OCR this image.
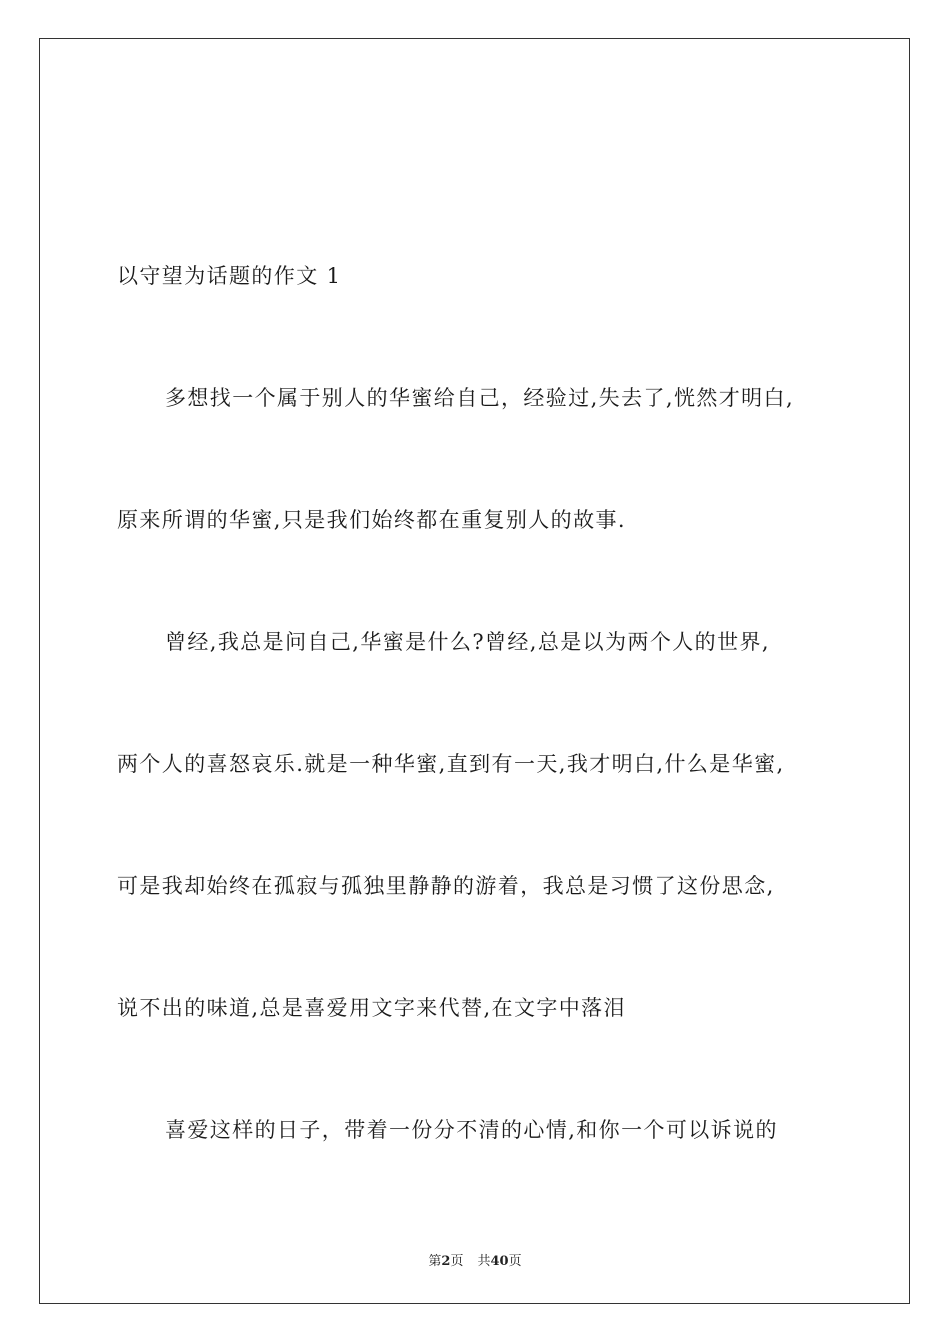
以守望为话题的作文 1
多想找一个属于别人的华蜜给自己，经验过,失去了,恍然才明白,
原来所谓的华蜜,只是我们始终都在重复别人的故事.
曾经,我总是问自己,华蜜是什么?曾经,总是以为两个人的世界,
两个人的喜怒哀乐.就是一种华蜜,直到有一天,我才明白,什么是华蜜,
可是我却始终在孤寂与孤独里静静的游着，我总是习惯了这份思念,
说不出的味道,总是喜爱用文字来代替,在文字中落泪
喜爱这样的日子，带着一份分不清的心情,和你一个可以诉说的
第2页 共40页
